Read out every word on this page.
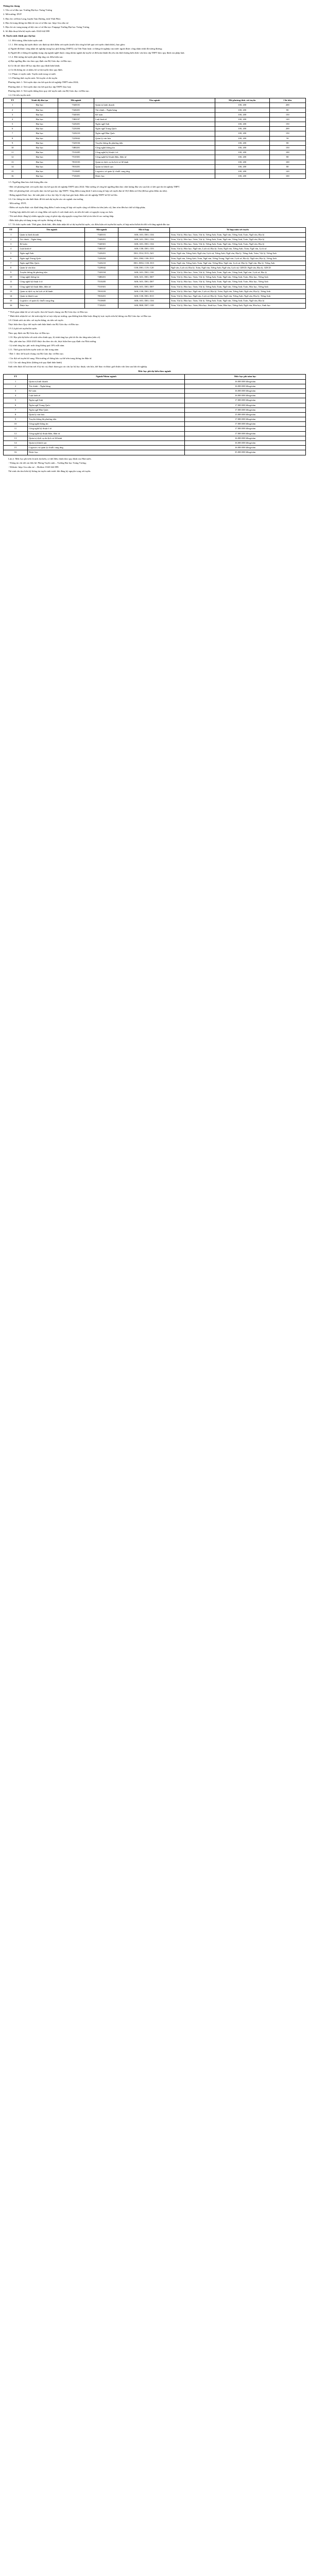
Thông tin chung
1. Tên cơ sở đào tạo: Trường Đại học Trưng Vương
2. Mã trường: DVP
3. Địa chỉ: xã Kim Long, huyện Tam Dương, tỉnh Vĩnh Phúc
4. Địa chỉ trang thông tin điện tử của cơ sở đào tạo: http://tvu.edu.vn/
5. Địa chỉ các trang mạng xã hội của cơ sở đào tạo: Fanpage Trường Đại học Trưng Vương
6. Số điện thoại liên hệ tuyển sinh: 0343 642 899
II. Tuyển sinh chính quy đại học
1.1. Đối tượng, điều kiện tuyển sinh
1.1.1. Đối tượng dự tuyển được xác định tại thời điểm xét tuyển (trước khi công bố kết quả xét tuyển chính thức), bao gồm:
a) Người đã được công nhận tốt nghiệp trung học phổ thông (THPT) của Việt Nam hoặc có bằng tốt nghiệp của nước ngoài được công nhận trình độ tương đương;
b) Người đã có bằng tốt nghiệp trung cấp ngành nghề thuộc cùng nhóm ngành dự tuyển và đã hoàn thành đủ yêu cầu khối lượng kiến thức văn hóa cấp THPT theo quy định của pháp luật.
1.1.2. Đối tượng dự tuyển phải đáp ứng các điều kiện sau:
a) Đạt ngưỡng đầu vào theo quy định của Bộ Giáo dục và Đào tạo;
b) Có đủ sức khỏe để học tập theo quy định hiện hành;
c) Có đủ thông tin cá nhân, hồ sơ dự tuyển theo quy định.
1.2. Phạm vi tuyển sinh: Tuyển sinh trong cả nước
1.3. Phương thức tuyển sinh: Xét tuyển và thi tuyển
Phương thức 1: Xét tuyển dựa vào kết quả thi tốt nghiệp THPT năm 2024;
Phương thức 2: Xét tuyển dựa vào kết quả học tập THPT (học bạ);
Phương thức 3: Xét tuyển thẳng theo quy chế tuyển sinh của Bộ Giáo dục và Đào tạo.
1.4. Chỉ tiêu tuyển sinh
TT	Trình độ đào tạo	Mã ngành	Tên ngành	Mã phương thức xét tuyển	Chỉ tiêu
1	Đại học	7340101	Quản trị kinh doanh	100, 200	200
2	Đại học	7340201	Tài chính – Ngân hàng	100, 200	80
3	Đại học	7340301	Kế toán	100, 200	150
4	Đại học	7380107	Luật kinh tế	100, 200	120
5	Đại học	7220201	Ngôn ngữ Anh	100, 200	150
6	Đại học	7220204	Ngôn ngữ Trung Quốc	100, 200	200
7	Đại học	7220210	Ngôn ngữ Hàn Quốc	100, 200	150
8	Đại học	7229042	Quản lý văn hóa	100, 200	50
9	Đại học	7320104	Truyền thông đa phương tiện	100, 200	80
10	Đại học	7480201	Công nghệ thông tin	100, 200	150
11	Đại học	7510205	Công nghệ kỹ thuật ô tô	100, 200	100
12	Đại học	7510301	Công nghệ kỹ thuật điện, điện tử	100, 200	80
13	Đại học	7810103	Quản trị dịch vụ du lịch và lữ hành	100, 200	100
14	Đại học	7810201	Quản trị khách sạn	100, 200	80
15	Đại học	7510605	Logistics và quản lý chuỗi cung ứng	100, 200	120
16	Đại học	7720201	Dược học	100, 200	100
1.5. Ngưỡng đảm bảo chất lượng đầu vào
- Đối với phương thức xét tuyển dựa vào kết quả thi tốt nghiệp THPT năm 2024: Nhà trường sẽ công bố ngưỡng đảm bảo chất lượng đầu vào sau khi có kết quả thi tốt nghiệp THPT.
- Đối với phương thức xét tuyển dựa vào kết quả học tập THPT: Tổng điểm trung bình 3 môn trong tổ hợp xét tuyển đạt từ 18,0 điểm trở lên (đã bao gồm điểm ưu tiên).
- Riêng ngành Dược học: thí sinh phải có học lực lớp 12 xếp loại giỏi hoặc điểm xét tốt nghiệp THPT từ 8,0 trở lên.
1.6. Các thông tin cần thiết khác để thí sinh dự tuyển vào các ngành của trường
- Mã trường: DVP;
- Điểm xét tuyển được xác định bằng tổng điểm 3 môn trong tổ hợp xét tuyển cộng với điểm ưu tiên (nếu có), làm tròn đến hai chữ số thập phân;
- Trường hợp nhiều thí sinh có cùng điểm xét tuyển ở cuối danh sách, ưu tiên thí sinh có nguyện vọng cao hơn.
- Thí sinh được đăng ký nhiều nguyện vọng và phải sắp xếp nguyện vọng theo thứ tự ưu tiên từ cao xuống thấp.
- Điều kiện phụ sử dụng trong xét tuyển: không sử dụng.
1.7. Tổ chức tuyển sinh: Thời gian; hình thức, điều kiện nhận hồ sơ dự tuyển/thi tuyển, các điều kiện xét tuyển/thi tuyển, tổ hợp môn thi/bài thi đối với từng ngành đào tạo
TT	Tên ngành	Mã ngành	Mã tổ hợp	Tổ hợp môn xét tuyển
1	Quản trị kinh doanh	7340101	A00; A01; D01; C04	Toán, Vật lý, Hóa học; Toán, Vật lý, Tiếng Anh; Toán, Ngữ văn, Tiếng Anh; Toán, Ngữ văn, Địa lý
2	Tài chính – Ngân hàng	7340201	A00; A01; D01; C04	Toán, Vật lý, Hóa học; Toán, Vật lý, Tiếng Anh; Toán, Ngữ văn, Tiếng Anh; Toán, Ngữ văn, Địa lý
3	Kế toán	7340301	A00; A01; D01; C04	Toán, Vật lý, Hóa học; Toán, Vật lý, Tiếng Anh; Toán, Ngữ văn, Tiếng Anh; Toán, Ngữ văn, Địa lý
4	Luật kinh tế	7380107	A00; C00; D01; C03	Toán, Vật lý, Hóa học; Ngữ văn, Lịch sử, Địa lý; Toán, Ngữ văn, Tiếng Anh; Toán, Ngữ văn, Lịch sử
5	Ngôn ngữ Anh	7220201	D01; D14; D15; A01	Toán, Ngữ văn, Tiếng Anh; Ngữ văn, Lịch sử, Tiếng Anh; Ngữ văn, Địa lý, Tiếng Anh; Toán, Vật lý, Tiếng Anh
6	Ngôn ngữ Trung Quốc	7220204	D01; D04; C00; D15	Toán, Ngữ văn, Tiếng Anh; Toán, Ngữ văn, Tiếng Trung; Ngữ văn, Lịch sử, Địa lý; Ngữ văn, Địa lý, Tiếng Anh
7	Ngôn ngữ Hàn Quốc	7220210	D01; DD2; C00; D15	Toán, Ngữ văn, Tiếng Anh; Toán, Ngữ văn, Tiếng Hàn; Ngữ văn, Lịch sử, Địa lý; Ngữ văn, Địa lý, Tiếng Anh
8	Quản lý văn hóa	7229042	C00; D01; C19; C20	Ngữ văn, Lịch sử, Địa lý; Toán, Ngữ văn, Tiếng Anh; Ngữ văn, Lịch sử, GDCD; Ngữ văn, Địa lý, GDCD
9	Truyền thông đa phương tiện	7320104	A00; A01; D01; C00	Toán, Vật lý, Hóa học; Toán, Vật lý, Tiếng Anh; Toán, Ngữ văn, Tiếng Anh; Ngữ văn, Lịch sử, Địa lý
10	Công nghệ thông tin	7480201	A00; A01; D01; D07	Toán, Vật lý, Hóa học; Toán, Vật lý, Tiếng Anh; Toán, Ngữ văn, Tiếng Anh; Toán, Hóa học, Tiếng Anh
11	Công nghệ kỹ thuật ô tô	7510205	A00; A01; D01; D07	Toán, Vật lý, Hóa học; Toán, Vật lý, Tiếng Anh; Toán, Ngữ văn, Tiếng Anh; Toán, Hóa học, Tiếng Anh
12	Công nghệ kỹ thuật điện, điện tử	7510301	A00; A01; D01; D07	Toán, Vật lý, Hóa học; Toán, Vật lý, Tiếng Anh; Toán, Ngữ văn, Tiếng Anh; Toán, Hóa học, Tiếng Anh
13	Quản trị dịch vụ du lịch và lữ hành	7810103	A00; C00; D01; D15	Toán, Vật lý, Hóa học; Ngữ văn, Lịch sử, Địa lý; Toán, Ngữ văn, Tiếng Anh; Ngữ văn, Địa lý, Tiếng Anh
14	Quản trị khách sạn	7810201	A00; C00; D01; D15	Toán, Vật lý, Hóa học; Ngữ văn, Lịch sử, Địa lý; Toán, Ngữ văn, Tiếng Anh; Ngữ văn, Địa lý, Tiếng Anh
15	Logistics và quản lý chuỗi cung ứng	7510605	A00; A01; D01; C04	Toán, Vật lý, Hóa học; Toán, Vật lý, Tiếng Anh; Toán, Ngữ văn, Tiếng Anh; Toán, Ngữ văn, Địa lý
16	Dược học	7720201	A00; B00; D07; C08	Toán, Vật lý, Hóa học; Toán, Hóa học, Sinh học; Toán, Hóa học, Tiếng Anh; Ngữ văn, Hóa học, Sinh học
* Thời gian nhận hồ sơ xét tuyển: theo kế hoạch chung của Bộ Giáo dục và Đào tạo.
* Hình thức nhận hồ sơ: thí sinh nộp hồ sơ trực tiếp tại trường, qua đường bưu điện hoặc đăng ký trực tuyến trên hệ thống của Bộ Giáo dục và Đào tạo.
1.8. Chính sách ưu tiên: xét tuyển thẳng; ưu tiên xét tuyển
Thực hiện theo Quy chế tuyển sinh hiện hành của Bộ Giáo dục và Đào tạo.
1.9. Lệ phí xét tuyển/thi tuyển
Theo quy định của Bộ Giáo dục và Đào tạo.
1.10. Học phí dự kiến với sinh viên chính quy; lộ trình tăng học phí tối đa cho từng năm (nếu có)
- Học phí năm học 2024-2025 được thu theo tín chỉ, thực hiện theo quy định của Nhà trường.
- Lộ trình tăng học phí: mức tăng không quá 10% mỗi năm.
1.11. Thời gian dự kiến tuyển sinh các đợt trong năm
- Đợt 1: theo kế hoạch chung của Bộ Giáo dục và Đào tạo;
- Các đợt xét tuyển bổ sung: Nhà trường sẽ thông báo cụ thể trên trang thông tin điện tử.
1.12. Các nội dung khác (không trái quy định hiện hành)
Sinh viên được hỗ trợ tìm nơi ở ký túc xá, được tham gia các câu lạc bộ học thuật, văn hóa, thể thao và được giới thiệu việc làm sau khi tốt nghiệp.
Mức học phí dự kiến theo ngành
TT	Ngành/Nhóm ngành	Mức học phí năm học
1	Quản trị kinh doanh	16.000.000 đồng/năm
2	Tài chính – Ngân hàng	16.000.000 đồng/năm
3	Kế toán	16.000.000 đồng/năm
4	Luật kinh tế	16.000.000 đồng/năm
5	Ngôn ngữ Anh	17.000.000 đồng/năm
6	Ngôn ngữ Trung Quốc	17.000.000 đồng/năm
7	Ngôn ngữ Hàn Quốc	17.000.000 đồng/năm
8	Quản lý văn hóa	15.000.000 đồng/năm
9	Truyền thông đa phương tiện	17.000.000 đồng/năm
10	Công nghệ thông tin	17.000.000 đồng/năm
11	Công nghệ kỹ thuật ô tô	17.000.000 đồng/năm
12	Công nghệ kỹ thuật điện, điện tử	17.000.000 đồng/năm
13	Quản trị dịch vụ du lịch và lữ hành	16.000.000 đồng/năm
14	Quản trị khách sạn	16.000.000 đồng/năm
15	Logistics và quản lý chuỗi cung ứng	16.000.000 đồng/năm
16	Dược học	35.000.000 đồng/năm
Lưu ý: Mức học phí trên là mức dự kiến, có thể điều chỉnh theo quy định của Nhà nước.
- Thông tin chi tiết xin liên hệ: Phòng Tuyển sinh – Trường Đại học Trưng Vương;
- Website: http://tvu.edu.vn/ – Hotline: 0343 642 899.
Thí sinh cần tìm hiểu kỹ thông tin tuyển sinh trước khi đăng ký nguyện vọng xét tuyển.
